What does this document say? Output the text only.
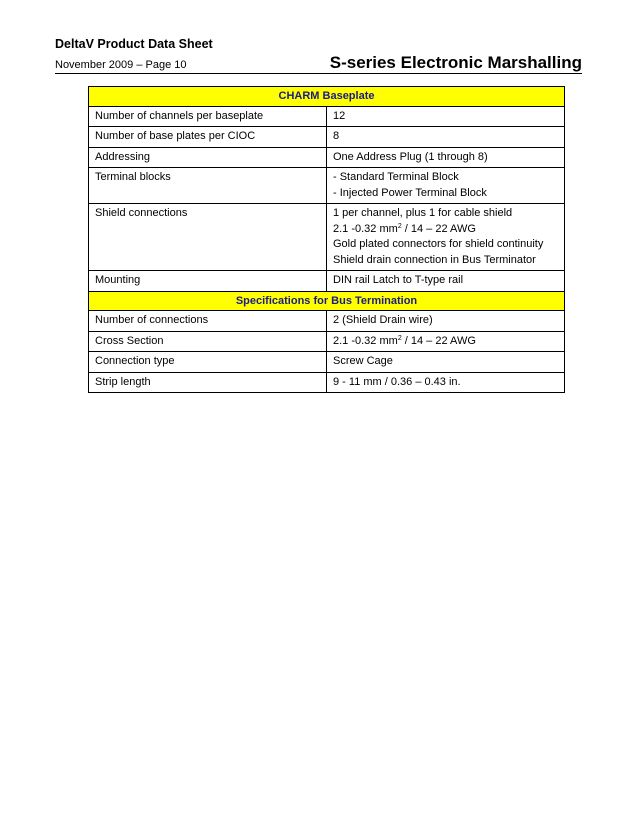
DeltaV Product Data Sheet
November 2009 – Page 10	S-series Electronic Marshalling
CHARM Baseplate	
Number of channels per baseplate	12
Number of base plates per CIOC	8
Addressing	One Address Plug (1 through 8)
Terminal blocks	- Standard Terminal Block
- Injected Power Terminal Block

Shield connections	1 per channel, plus 1 for cable shield
2.1 -0.32 $mm^2 / 14 - 22$ AWG
Gold plated connectors for shield continuity
Shield drain connection in Bus Terminator

Mounting	DIN rail Latch to T-type rail
Specifications for Bus Termination	
Number of connections	2 (Shield Drain wire)
Cross Section	2.1 -0.32 $mm^2 / 14 - 22$ AWG
Connection type	Screw Cage
Strip length	9 - 11 mm / 0.36 – 0.43 in.
